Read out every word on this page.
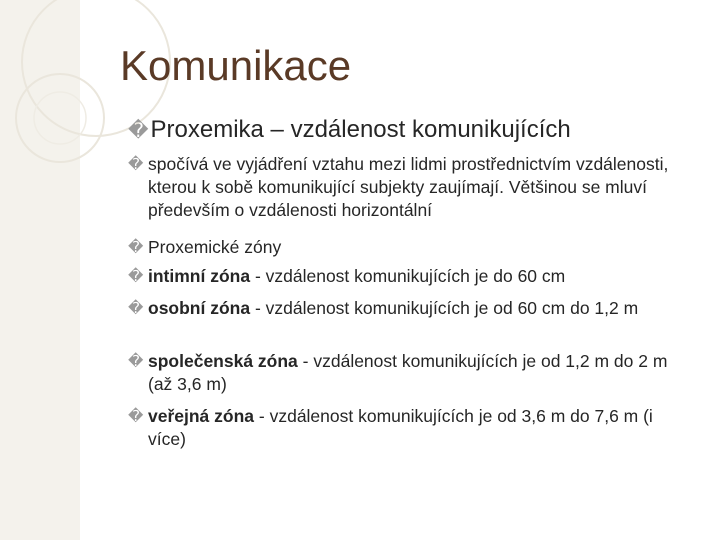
Komunikace
�Proxemika – vzdálenost komunikujících
� spočívá ve vyjádření vztahu mezi lidmi prostřednictvím vzdálenosti, kterou k sobě komunikující subjekty zaujímají. Většinou se mluví především o vzdálenosti horizontální
� Proxemické zóny
� intimní zóna - vzdálenost komunikujících je do 60 cm
� osobní zóna - vzdálenost komunikujících je od 60 cm do 1,2 m
� společenská zóna - vzdálenost komunikujících je od 1,2 m do 2 m (až 3,6 m)
� veřejná zóna - vzdálenost komunikujících je od 3,6 m do 7,6 m (i více)
